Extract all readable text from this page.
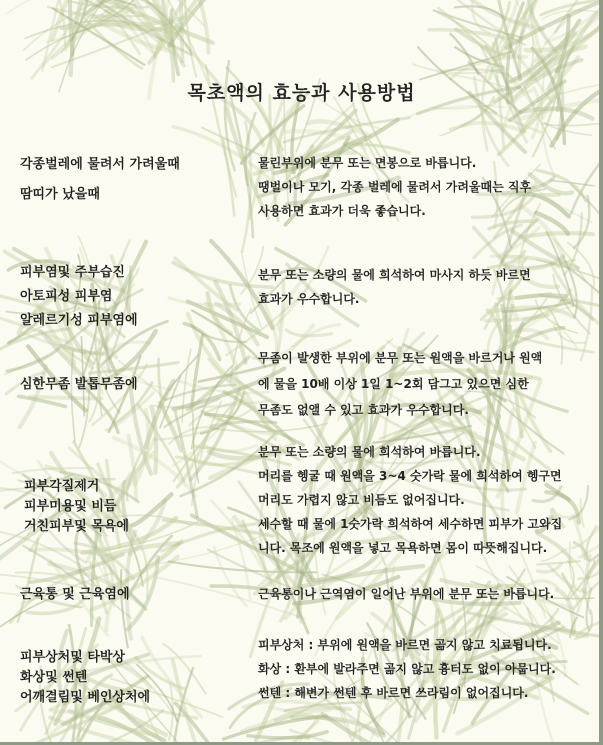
목초액의 효능과 사용방법
각종벌레에 물려서 가려울때
땀띠가 났을때
물린부위에 분무 또는 면봉으로 바릅니다.
땡벌이나 모기, 각종 벌레에 물려서 가려울때는 직후
사용하면 효과가 더욱 좋습니다.
피부염및 주부습진
아토피성 피부염
알레르기성 피부염에
분무 또는 소량의 물에 희석하여 마사지 하듯 바르면
효과가 우수합니다.
심한무좀 발톱무좀에
무좀이 발생한 부위에 분무 또는 원액을 바르거나 원액
에 물을 10배 이상 1일 1~2회 담그고 있으면 심한
무좀도 없앨 수 있고 효과가 우수합니다.
피부각질제거
피부미용및 비듬
거친피부및 목욕에
분무 또는 소량의 물에 희석하여 바릅니다.
머리를 헹굴 때 원액을 3~4 숫가락 물에 희석하여 헹구면
머리도 가렵지 않고 비듬도 없어집니다.
세수할 때 물에 1숫가락 희석하여 세수하면 피부가 고와집
니다. 목조에 원액을 넣고 목욕하면 몸이 따뜻해집니다.
근육통 및 근육염에	근육통이나 근역염이 일어난 부위에 분무 또는 바릅니다.
피부상처및 타박상
화상및 썬텐
어깨결림및 베인상처에
피부상처 : 부위에 원액을 바르면 곪지 않고 치료됩니다.
화상 : 환부에 발라주면 곪지 않고 흉터도 없이 아뭅니다.
썬텐 : 해변가 썬텐 후 바르면 쓰라림이 없어집니다.
